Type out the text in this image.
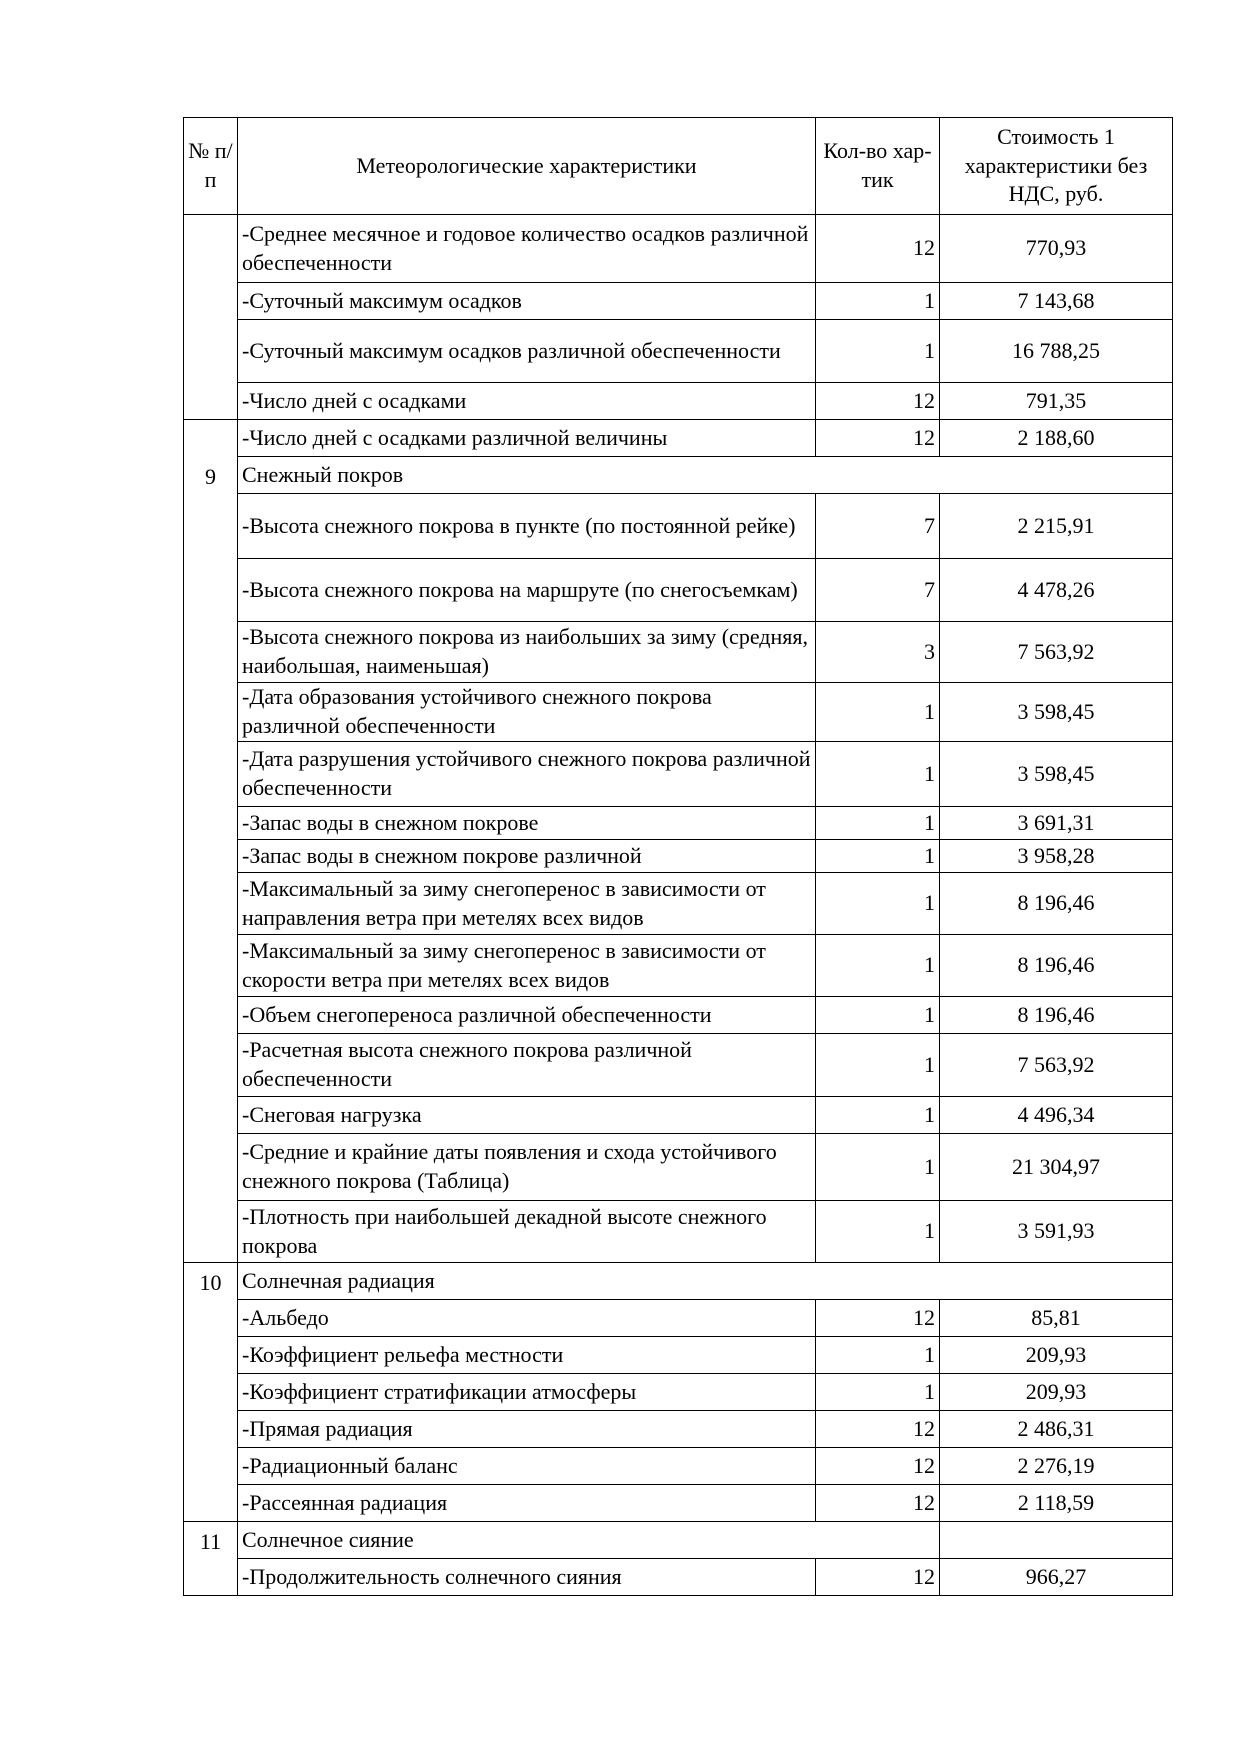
№ п/п	Метеорологические характеристики	Кол-во хар-тик	Стоимость 1 характеристики без НДС, руб.
	-Среднее месячное и годовое количество осадков различной обеспеченности	12	770,93
	-Суточный максимум осадков	1	7 143,68
	-Суточный максимум осадков различной обеспеченности	1	16 788,25
	-Число дней с осадками	12	791,35
9	-Число дней с осадками различной величины	12	2 188,60
	Снежный покров		
	-Высота снежного покрова в пункте (по постоянной рейке)	7	2 215,91
	-Высота снежного покрова на маршруте (по снегосъемкам)	7	4 478,26
	-Высота снежного покрова из наибольших за зиму (средняя, наибольшая, наименьшая)	3	7 563,92
	-Дата образования устойчивого снежного покрова различной обеспеченности	1	3 598,45
	-Дата разрушения устойчивого снежного покрова различной обеспеченности	1	3 598,45
	-Запас воды в снежном покрове	1	3 691,31
	-Запас воды в снежном покрове различной	1	3 958,28
	-Максимальный за зиму снегоперенос в зависимости от направления ветра при метелях всех видов	1	8 196,46
	-Максимальный за зиму снегоперенос в зависимости от скорости ветра при метелях всех видов	1	8 196,46
	-Объем снегопереноса различной обеспеченности	1	8 196,46
	-Расчетная высота снежного покрова различной обеспеченности	1	7 563,92
	-Снеговая нагрузка	1	4 496,34
	-Средние и крайние даты появления и схода устойчивого снежного покрова (Таблица)	1	21 304,97
	-Плотность при наибольшей декадной высоте снежного покрова	1	3 591,93
10	Солнечная радиация		
	-Альбедо	12	85,81
	-Коэффициент рельефа местности	1	209,93
	-Коэффициент стратификации атмосферы	1	209,93
	-Прямая радиация	12	2 486,31
	-Радиационный баланс	12	2 276,19
	-Рассеянная радиация	12	2 118,59
11	Солнечное сияние		
	-Продолжительность солнечного сияния	12	966,27
